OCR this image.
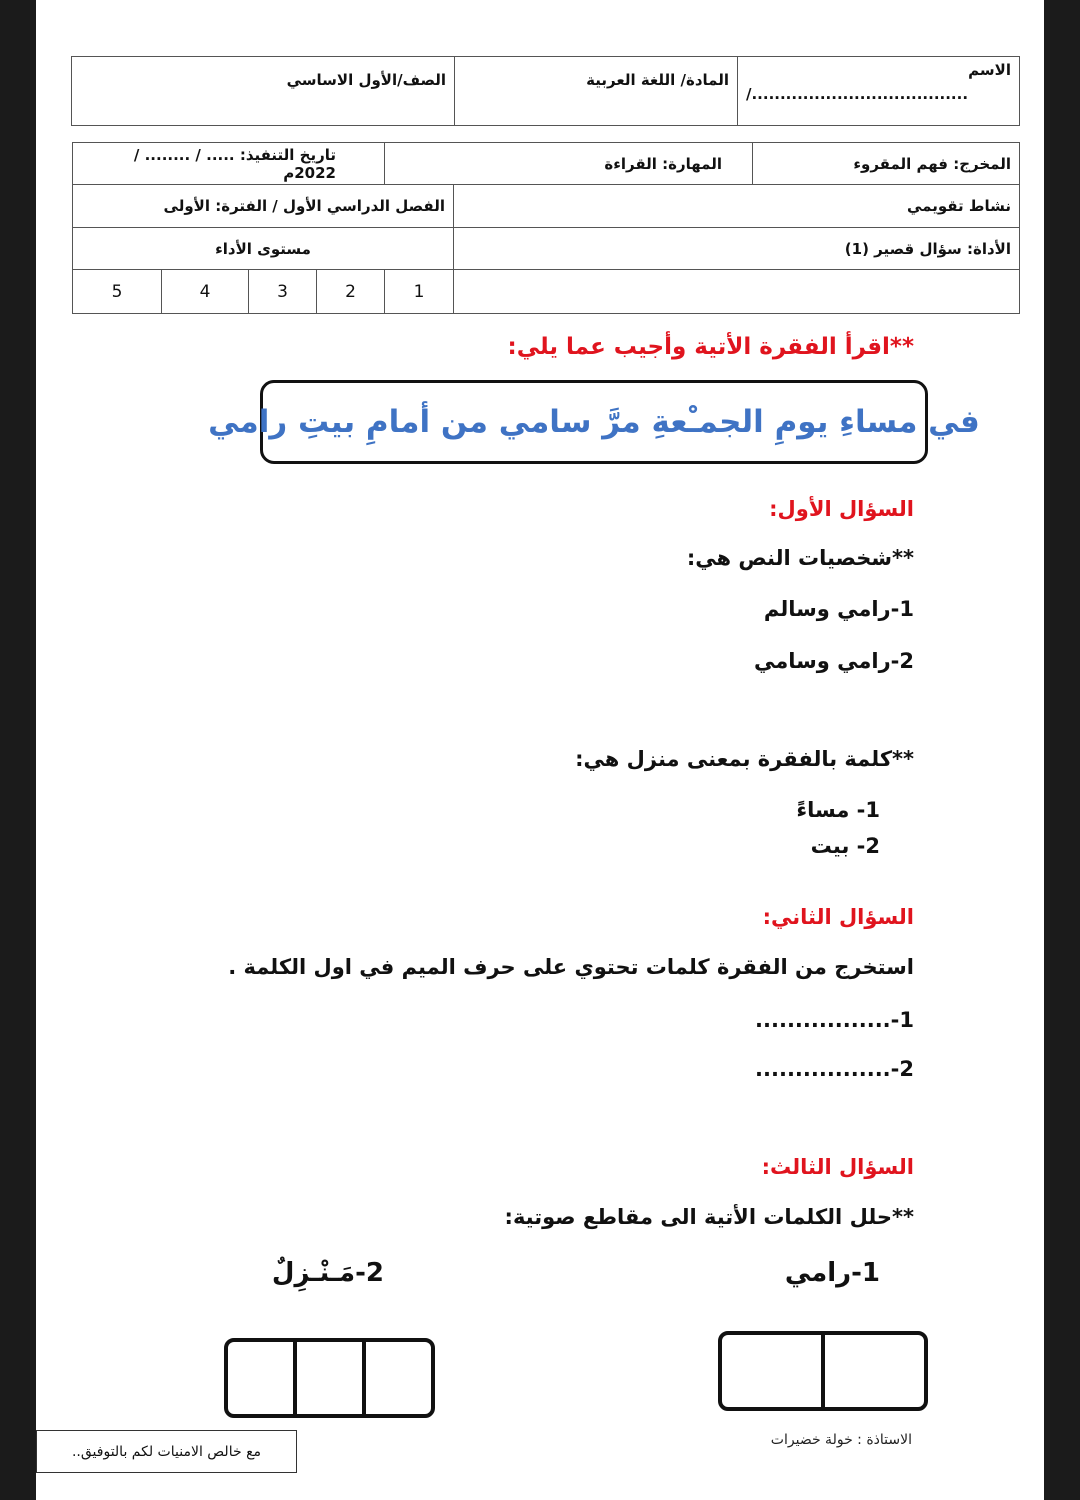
الاسم
/......................................
	المادة/ اللغة العربية	الصف/الأول الاساسي
المخرج: فهم المقروء	المهارة: القراءة		تاريخ التنفيذ: ..... / ........ / 2022م			
نشاط تقويمي		الفصل الدراسي الأول / الفترة: الأولى				
الأداة: سؤال قصير (1)		مستوى الأداء				
		1	2	3	4	5
**اقرأ الفقرة الأتية وأجيب عما يلي:
في مساءِ يومِ الجمـْعةِ مرَّ سامي من أمامِ بيتِ رامي
السؤال الأول:
**شخصيات النص هي:
1-رامي وسالم
2-رامي وسامي
**كلمة بالفقرة بمعنى منزل هي:
1- مساءً
2- بيت
السؤال الثاني:
استخرج من الفقرة كلمات تحتوي على حرف الميم في اول الكلمة .
1-.................
2-.................
السؤال الثالث:
**حلل الكلمات الأتية الى مقاطع صوتية:
1-رامي
2-مَـنْـزِلٌ
الاستاذة : خولة خضيرات
مع خالص الامنيات لكم بالتوفيق..
